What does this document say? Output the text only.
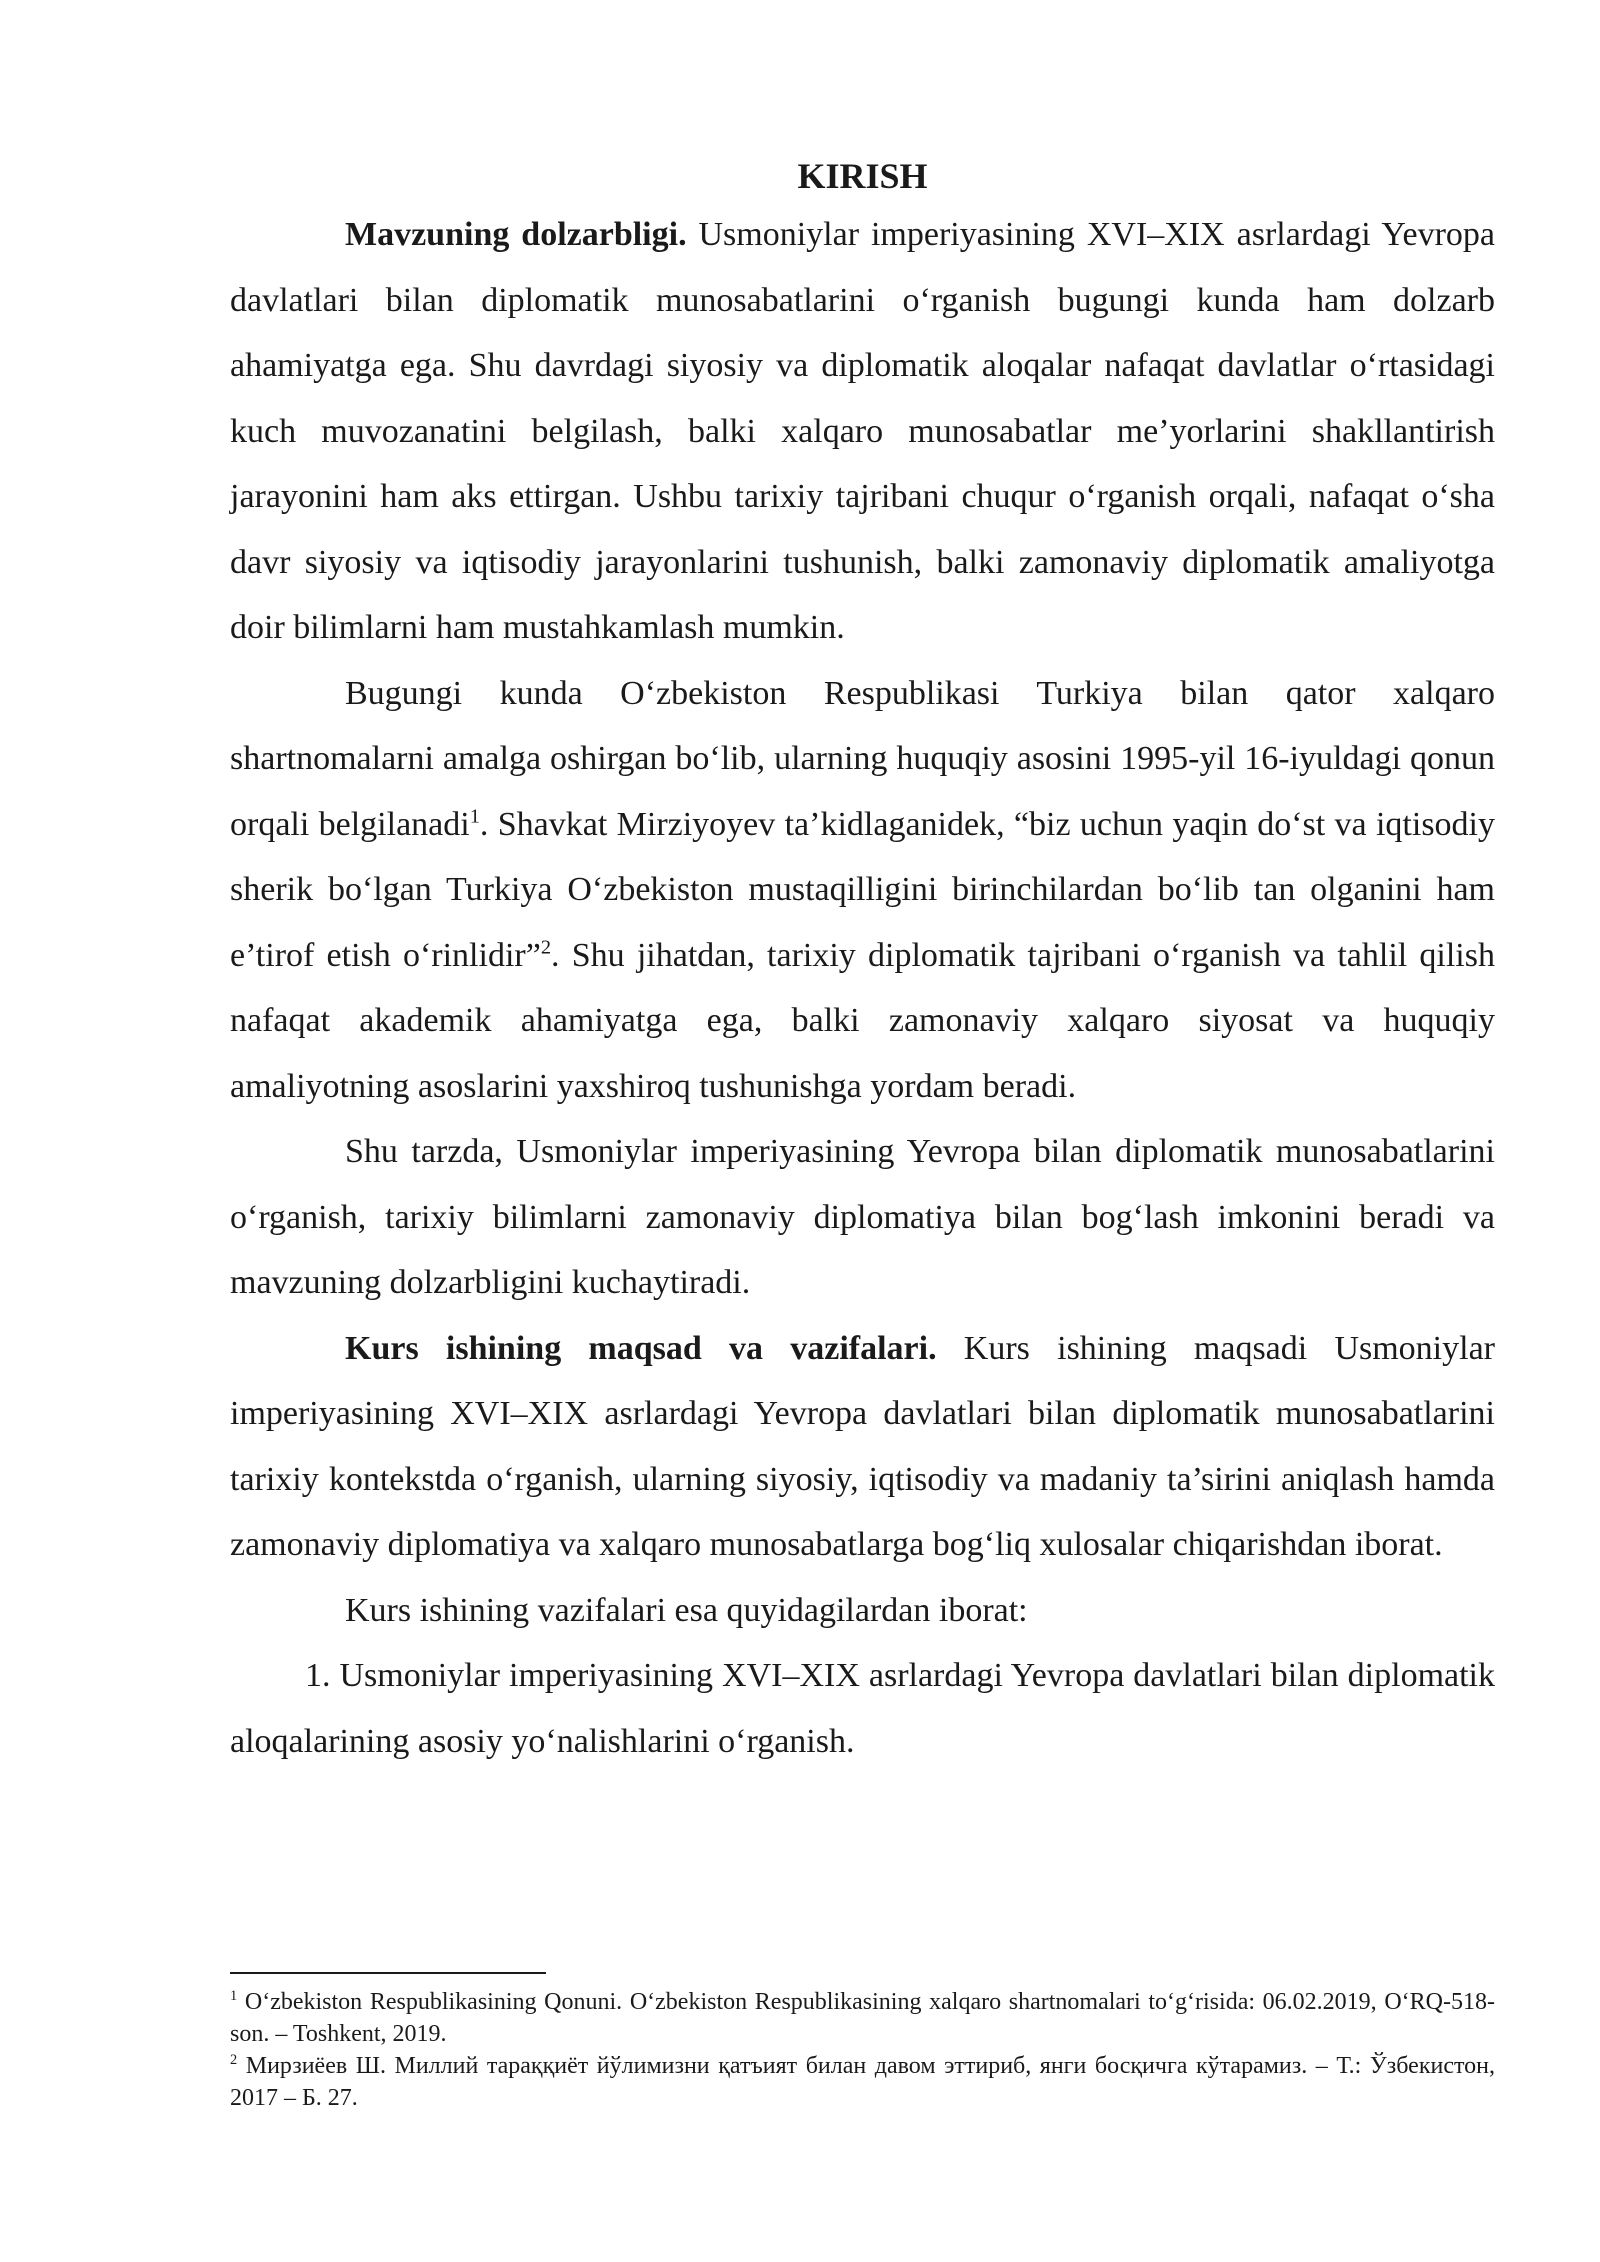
KIRISH

Mavzuning dolzarbligi. Usmoniylar imperiyasining XVI–XIX asrlardagi Yevropa davlatlari bilan diplomatik munosabatlarini oʻrganish bugungi kunda ham dolzarb ahamiyatga ega. Shu davrdagi siyosiy va diplomatik aloqalar nafaqat davlatlar oʻrtasidagi kuch muvozanatini belgilash, balki xalqaro munosabatlar me’yorlarini shakllantirish jarayonini ham aks ettirgan. Ushbu tarixiy tajribani chuqur oʻrganish orqali, nafaqat oʻsha davr siyosiy va iqtisodiy jarayonlarini tushunish, balki zamonaviy diplomatik amaliyotga doir bilimlarni ham mustahkamlash mumkin.

Bugungi kunda Oʻzbekiston Respublikasi Turkiya bilan qator xalqaro shartnomalarni amalga oshirgan boʻlib, ularning huquqiy asosini 1995-yil 16-iyuldagi qonun orqali belgilanadi$^1$. Shavkat Mirziyoyev ta’kidlaganidek, “biz uchun yaqin doʻst va iqtisodiy sherik boʻlgan Turkiya Oʻzbekiston mustaqilligini birinchilardan boʻlib tan olganini ham e’tirof etish oʻrinlidir”$^2$. Shu jihatdan, tarixiy diplomatik tajribani oʻrganish va tahlil qilish nafaqat akademik ahamiyatga ega, balki zamonaviy xalqaro siyosat va huquqiy amaliyotning asoslarini yaxshiroq tushunishga yordam beradi.

Shu tarzda, Usmoniylar imperiyasining Yevropa bilan diplomatik munosabatlarini oʻrganish, tarixiy bilimlarni zamonaviy diplomatiya bilan bogʻlash imkonini beradi va mavzuning dolzarbligini kuchaytiradi.

Kurs ishining maqsad va vazifalari. Kurs ishining maqsadi Usmoniylar imperiyasining XVI–XIX asrlardagi Yevropa davlatlari bilan diplomatik munosabatlarini tarixiy kontekstda oʻrganish, ularning siyosiy, iqtisodiy va madaniy ta’sirini aniqlash hamda zamonaviy diplomatiya va xalqaro munosabatlarga bogʻliq xulosalar chiqarishdan iborat.

Kurs ishining vazifalari esa quyidagilardan iborat:

1. Usmoniylar imperiyasining XVI–XIX asrlardagi Yevropa davlatlari bilan diplomatik aloqalarining asosiy yoʻnalishlarini oʻrganish.

$^1$ Oʻzbekiston Respublikasining Qonuni. Oʻzbekiston Respublikasining xalqaro shartnomalari toʻgʻrisida: 06.02.2019, OʻRQ-518-son. – Toshkent, 2019.

$^2$ Мирзиёев Ш. Миллий тараққиёт йўлимизни қатъият билан давом эттириб, янги босқичга кўтарамиз. – Т.: Ўзбекистон, 2017 – Б. 27.
